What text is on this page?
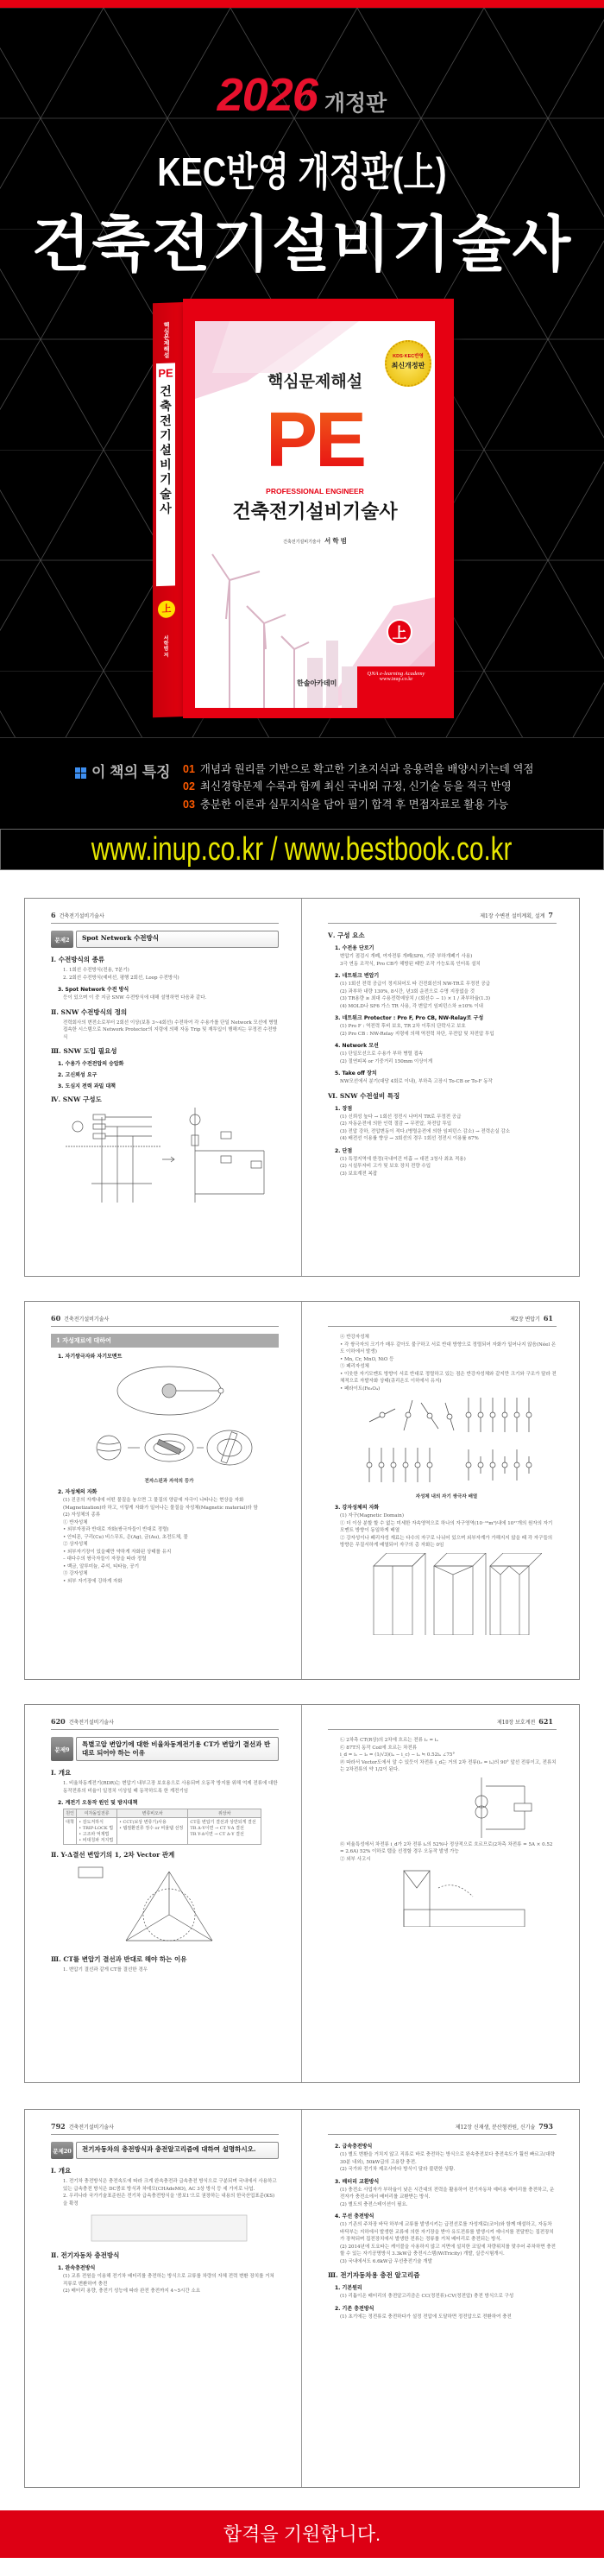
2026 개정판
KEC반영 개정판(上)
건축전기설비기술사
핵심문제해설
PE
건축전기설비기술사
上
서학범 저
KDS·KEC반영
최신개정판
핵심문제해설
PE
PROFESSIONAL ENGINEER
건축전기설비기술사
건축전기설비기술사 서 학 범
上
한솔아카데미
QNA e-learning Academy
www.inup.co.kr
이 책의 특징 01 개념과 원리를 기반으로 확고한 기초지식과 응용력을 배양시키는데 역점
02 최신경향문제 수록과 함께 최신 국내외 규정, 신기술 등을 적극 반영
03 충분한 이론과 실무지식을 담아 필기 합격 후 면접자료로 활용 가능
www.inup.co.kr / www.bestbook.co.kr
6 건축전기설비기술사
문제2	Spot Network 수전방식
Ⅰ. 수전방식의 종류
1. 1회선 수전방식(전용, T분기)
2. 2회선 수전방식(예비선, 평행 2회선, Loop 수전방식)
3. Spot Network 수전 방식
등이 있으며 이 중 지금 SNW 수전방식에 대해 설명하면 다음과 같다.
Ⅱ. SNW 수전방식의 정의
전력회사의 변전소로부터 2회선 이상(보통 3~4회선) 수전하여 각 수용가를 단일 Network 모선에 병렬접속한 시스템으로 Network Protector의 지령에 의해 자동 Trip 및 재투입이 행해지는 무정전 수전방식
Ⅲ. SNW 도입 필요성
1. 수용가 수전전압의 승압화
2. 고신뢰성 요구
3. 도심지 전력 과밀 대책
Ⅳ. SNW 구성도
제1장 수변전 설비계획, 설계 7
Ⅴ. 구성 요소
1. 수전용 단로기
변압기 점검시 개폐, 여자전류 개폐(SF6, 기중 부하개폐기 사용)
3극 연동 조작식, Pro CB가 해방된 때만 조작 가능토록 인터록 설치
2. 네트워크 변압기
(1) 1회선 전력 공급이 정지되어도 타 건전회선의 NW-TR로 무정전 공급
(2) 과부하 내량 130%, 8시간, 년3회 운전으로 수명 지장없을 것
(3) TR용량 ≥ 최대 수용전력예상치 / (회선수 − 1) × 1 / 과부하율(1.3)
(4) MOLD나 SF6 가스 TR 사용, 각 변압기 임피던스차 ±10% 이내
3. 네트워크 Protector : Pro F, Pro CB, NW-Relay로 구성
(1) Pro F : 역전력 후비 보호, TR 2차 이후의 단락사고 보호
(2) Pro CB : NW-Relay 지령에 의해 역전력 차단, 무전압 및 차전압 투입
4. Network 모선
(1) 단일모선으로 수용가 부하 병렬 접속
(2) 절연피복 or 기중거리 150mm 이상이게
5. Take off 장치
NW모선에서 분기(대당 4회로 이내), 부하측 고장시 To-CB or To-F 동작
Ⅵ. SNW 수전설비 특징
1. 장점
(1) 신뢰성 높다 → 1회선 정전시 나머지 TR로 무정전 공급
(2) 자동운전에 의한 인력 절감 → 무전압, 차전압 투입
(3) 전압 강하, 전압변동이 적다.(병렬운전에 의한 임피던스 감소) → 전력손실 감소
(4) 배전선 이용률 향상 → 3회선의 경우 1회선 정전시 이용률 67%
2. 단점
(1) 특정지역에 한정(국내여건 미흡 → 대전 3청사 최초 적용)
(2) 시설투자비 고가 및 보호 장치 전량 수입
(3) 보호계전 복잡
60 건축전기설비기술사
1 자성재료에 대하여
1. 자기쌍극자와 자기모멘트
전자스핀과 자석의 등가
2. 자성체의 자화
(1) 진공의 자계내에 어떤 물질을 놓으면 그 물질의 양끝에 자극이 나타나는 현상을 자화(Magnetization)라 하고, 이렇게 자화가 일어나는 물질을 자성체(Magnetic material)라 함
(2) 자성체의 종류
① 반자성체
• 외부자장과 반대로 자화(쌍극자들이 반대로 정렬)
• 안티몬, 구리(Cu) 비스무트, 은(Ag), 금(Au), 초전도체, 물
② 상자성체
• 외부자기장이 있을때만 약하게 자화된 상태를 유지
– 대다수의 쌍극자들이 자장을 따라 정렬
• 백금, 알루미늄, 주석, 티타늄, 공기
③ 강자성체
• 외부 자기장에 강하게 자화
제2장 변압기 61
④ 반강자성체
• 각 쌍극자의 크기가 매우 같아도 불구하고 서로 반대 방향으로 정렬되어 자화가 일어나지 않음(Néel 온도 이하에서 발생)
• Mn, Cr, MnO, NiO 등
⑤ 페리자성체
• 이웃한 자기모멘트 방향이 서로 반대로 정렬하고 있는 점은 반강자성체와 같지만 크기와 구조가 달라 전체적으로 자발자화 상태(큐리온도 이하에서 유지)
• 페라이트(Fe₃O₄)
자성체 내의 자기 쌍극자 배열
3. 강자성체의 자화
(1) 자구(Magnetic Domain)
① 더 이상 분할 할 수 없는 미세한 자속영역으로 하나의 자구영역(10⁻¹⁰m³)내에 10¹⁷개의 원자의 자기모멘트 방향이 동일하게 배열
② 강자성이나 페리자성 재료는 다수의 자구로 나뉘어 있으며 외부자계가 가해지지 않을 때 각 자구들의 방향은 무질서하게 배열되어 자구의 총 자화는 0임
620 건축전기설비기술사
문제9
특별고압 변압기에 대한 비율차동계전기용 CT가 변압기 결선과 반대로 되어야 하는 이유
Ⅰ. 개요
1. 비율차동계전기(RDR)는 변압기 내부고장 보호용으로 사용되며 오동작 방지를 위해 억제 전류에 대한 동작전류의 비율이 일정치 이상일 때 동작하도록 한 계전기임
2. 계전기 오동작 원인 및 방지대책
원인	여자돌입전류	변류비오차	위상차
대책	• 감도저하식
• TRIP-LOCK 법
• 고조파 억제법
• 비대칭파 저지법	• CCT(보상 변류기)사용
• 탭절환전류 정수 or 비율탭 선정	CT를 변압기 결선과 상반되게 결선
TR Δ-Y이면 → CT Y-Δ 결선
TR Y-Δ이면 → CT Δ-Y 결선
Ⅱ. Y-Δ결선 변압기의 1, 2차 Vector 관계
Ⅲ. CT를 변압기 결선과 반대로 해야 하는 이유
1. 변압기 결선과 같게 CT를 결선한 경우
제10장 보호계전 621
㉡ 2차측 CT(R상)의 2차에 흐르는 전류 i₂ = iₐ
㉢ 87T의 동작 Coil에 흐르는 차전류
i_d = i₁ − i₂ = (1/√3)(iₐ − i_c) − iₐ ≒ 0.52iₐ ∠75°
㉣ 따라서 Vector도에서 알 수 있듯이 차전류 i_d는 거의 2차 전류(i₂ = iₐ)의 90° 앞선 전류이고, 전류치는 2차전류의 약 1/2이 된다.
㉤ 비율특성에서 차전류 i_d가 2차 전류 i₂의 52%나 정상적으로 흐르므로(2차측 차전류 = 5A × 0.52 = 2.6A) 52% 이하로 탭을 선정할 경우 오동작 발생 가능
② 외부 사고시
792 건축전기설비기술사
문제20	전기자동차의 충전방식과 충전알고리즘에 대하여 설명하시오.
Ⅰ. 개요
1. 전기차 충전방식은 충전속도에 따라 크게 완속충전과 급속충전 방식으로 구분되며 국내에서 사용하고 있는 급속충전 방식은 DC콤보 방식과 차데모(CHAdeMO), AC 3상 방식 등 세 가지로 나뉨.
2. 우리나라 국가기술표준원은 전기차 급속충전방식을 '콤보1'으로 권장하는 내용의 한국산업표준(KS)을 확정
Ⅱ. 전기자동차 충전방식
1. 완속충전방식
(1) 교류 전원을 이용해 전기차 배터리를 충전하는 방식으로 교류를 차량의 자체 전력 변환 장치를 거쳐 직류로 변환하여 충전
(2) 배터리 용량, 충전기 성능에 따라 완전 충전까지 4~5시간 소요
제12장 신재생, 분산형전원, 신기술 793
2. 급속충전방식
(1) 별도 변환을 거치지 않고 직류로 바로 충전하는 방식으로 완속충전보다 충전속도가 훨씬 빠르고(대략 30분 내외), 50kW급의 고용량 충전.
(2) 국가와 전기차 제조사마다 방식이 달라 불편한 상황.
3. 배터리 교환방식
(1) 충전소 사업자가 부하율이 낮은 시간대의 전력을 활용하여 전기자동차 예비용 배터리를 충전하고, 운전자가 충전소에서 배터리를 교환받는 방식.
(2) 별도의 충전스테이션이 필요.
4. 무선 충전방식
(1) 기존의 주차장 바닥 하부에 교류를 발생시키는 급전선로를 자성재료(코어)와 함께 매설하고, 자동차 바닥부는 지하에서 발생한 교류에 의한 자기장을 받아 유도전류를 발생시켜 에너지를 전달받는 집전장치가 장착되며 집전장치에서 발생한 전류는 정류를 거쳐 배터리로 충전되는 방식.
(2) 2014년에 도요타는 케이블을 사용하지 않고 지면에 설치한 코일에 차량위치를 맞추어 주차하면 충전할 수 있는 자기공명방식 3.3kW급 충전시스템(WiTricity) 개발, 실증시험개시.
(3) 국내에서도 6.6kW급 무선충전기술 개발
Ⅲ. 전기자동차용 충전 알고리즘
1. 기본원리
(1) 리튬이온 배터리의 충전알고리즘은 CC(정전류)-CV(정전압) 충전 방식으로 구성
2. 기존 충전방식
(1) 초기에는 정전류로 충전하다가 설정 전압에 도달하면 정전압으로 전환하여 충전
합격을 기원합니다.
